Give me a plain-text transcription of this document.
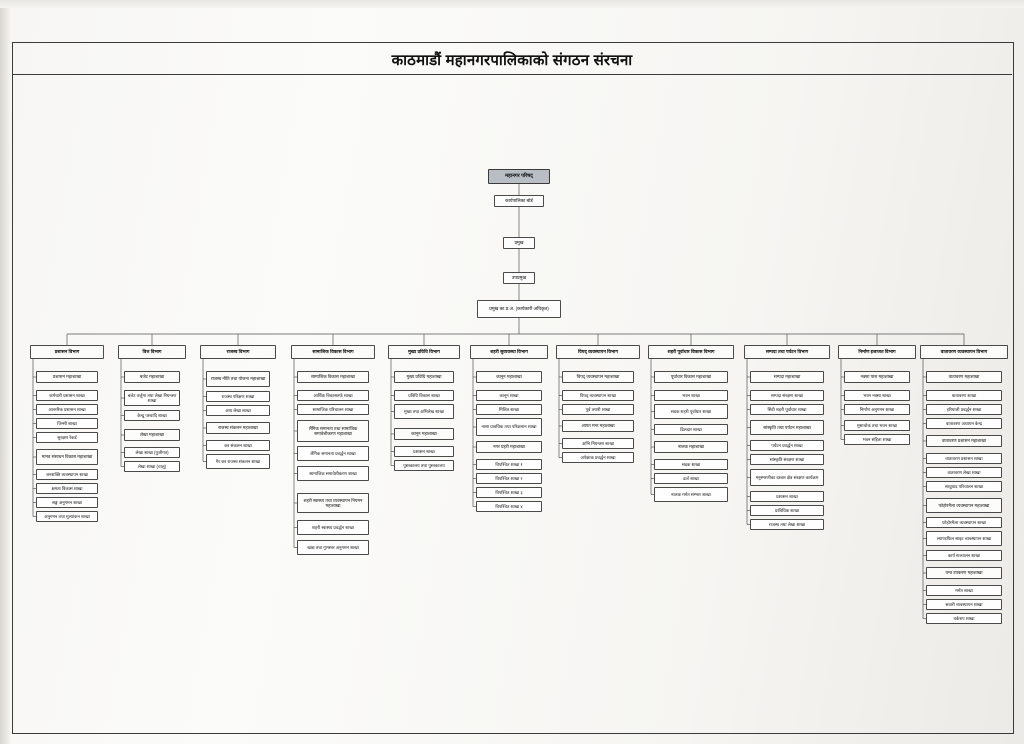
काठमाडौं महानगरपालिकाको संगठन संरचना
महानगर परिषद्
कार्यपालिका बोर्ड
प्रमुख
उपप्रमुख
प्रमुख का.प्र.अ. (कार्यकारी अधिकृत)
प्रशासन विभाग
प्रशासन महाशाखा
कर्मचारी प्रशासन शाखा
आन्तरिक प्रशासन शाखा
जिन्सी शाखा
सुरक्षण रेकर्ड
मानव संसाधन विकास महाशाखा
जनशक्ति व्यवस्थापन शाखा
क्षमता विकास शाखा
सङ्घ अनुगमन शाखा
अनुगमन तथा मूल्यांकन शाखा
वित्त विभाग
बजेट महाशाखा
बजेट तर्जुमा तथा लेखा नियन्त्रण शाखा
केन्द्रु पश्चादि शाखा
लेखा महाशाखा
लेखा शाखा (पुजीगत)
लेखा शाखा (चालु)
राजस्व विभाग
राजस्व नीति तथा योजना महाशाखा
राजस्व परिक्षण शाखा
आय लेखा शाखा
राजस्व संकलन महाशाखा
कर संकलन शाखा
गैर कर राजस्व संकलन शाखा
सामाजिक विकास विभाग
सामाजिक विकास महाशाखा
आर्थिक विकासतर्फ शाखा
सामाजिक परिचालन शाखा
लैंगिक समानता तथा सामाजिक समावेशीकरण महाशाखा
लैंगिक समानता प्रवर्द्धन शाखा
सामाजिक समावेशीकरण शाखा
शहरी स्वास्थ्य तथा व्यवस्थापन नियमन महाशाखा
शहरी स्वास्थ्य प्रवर्द्धन शाखा
खाद्य तथा गुणस्तर अनुगमन शाखा
मुख्य प्रविधि विभाग
मुख्य प्रविधि महाशाखा
प्रविधि विकास शाखा
मुख्य तथा अभिलेख शाखा
कानून महाशाखा
प्रशासन शाखा
पुस्तकालय तथा पुस्तकालय
शहरी सुव्यवस्था विभाग
कानून महाशाखा
कानून शाखा
मिलित शाखा
नासा प्रावधिक तथा परिक्रमान शाखा
नगर प्रहरी महाशाखा
विपश्चित शाखा १
विपश्चित शाखा २
विपश्चित शाखा ३
विपश्चित शाखा ४
विपद् व्यवस्थापन विभाग
विपद् व्यवस्थापन महाशाखा
विपद् व्यवस्थापन शाखा
पूर्व तयारी शाखा
आपत मन्त महाशाखा
अग्नि नियन्त्रण शाखा
अपेक्षाक प्रवर्द्धन शाखा
शहरी पूर्वाधार विकास विभाग
पूर्वाधार विकास महाशाखा
भवन शाखा
सडक शहरी पूर्वाधार शाखा
ढिलदार शाखा
नालक महाशाखा
सडक शाखा
ढर्ज शाखा
नालक मर्मत सम्भार शाखा
सम्पदा तथा पर्यटन विभाग
सम्पदा महाशाखा
सम्पदा संरक्षण शाखा
सिटी शहरी पूर्वाधार शाखा
सांस्कृति तथा पर्यटन महाशाखा
पर्यटन प्रवर्द्धन शाखा
सांस्कृति संरक्षण शाखा
मनुस्मरणीका दरबार क्षेत्र संरक्षण कार्यक्रम
प्रशासन शाखा
प्राविधिक शाखा
राजस्व तथा लेखा शाखा
निर्माण इजाजत विभाग
नक्सा पास महाशाखा
भवन नक्सा शाखा
निर्माण अनुगमन शाखा
मुसाचोक तथा भवन शाखा
भवन संहिता शाखा
वातावरण व्यवस्थापन विभाग
वातावरण महाशाखा
वातावरण शाखा
हरियाली प्रवर्द्धन शाखा
वातावरण अध्ययन केन्द्र
वातावरण प्रशासन महाशाखा
वातावरण प्रशासन शाखा
वातावरण लेखा शाखा
साधुवाद परिचालन शाखा
फोहोरमैला व्यवस्थापन महाशाखा
फोहोरमैला व्यवस्थापन शाखा
ल्याण्डफिल साइट व्यवस्थापन शाखा
कार्य सञ्चालन शाखा
यन्त्र उपकरण महाशाखा
मर्मत शाखा
सवारी व्यवस्थापन शाखा
वर्कशप शाखा
